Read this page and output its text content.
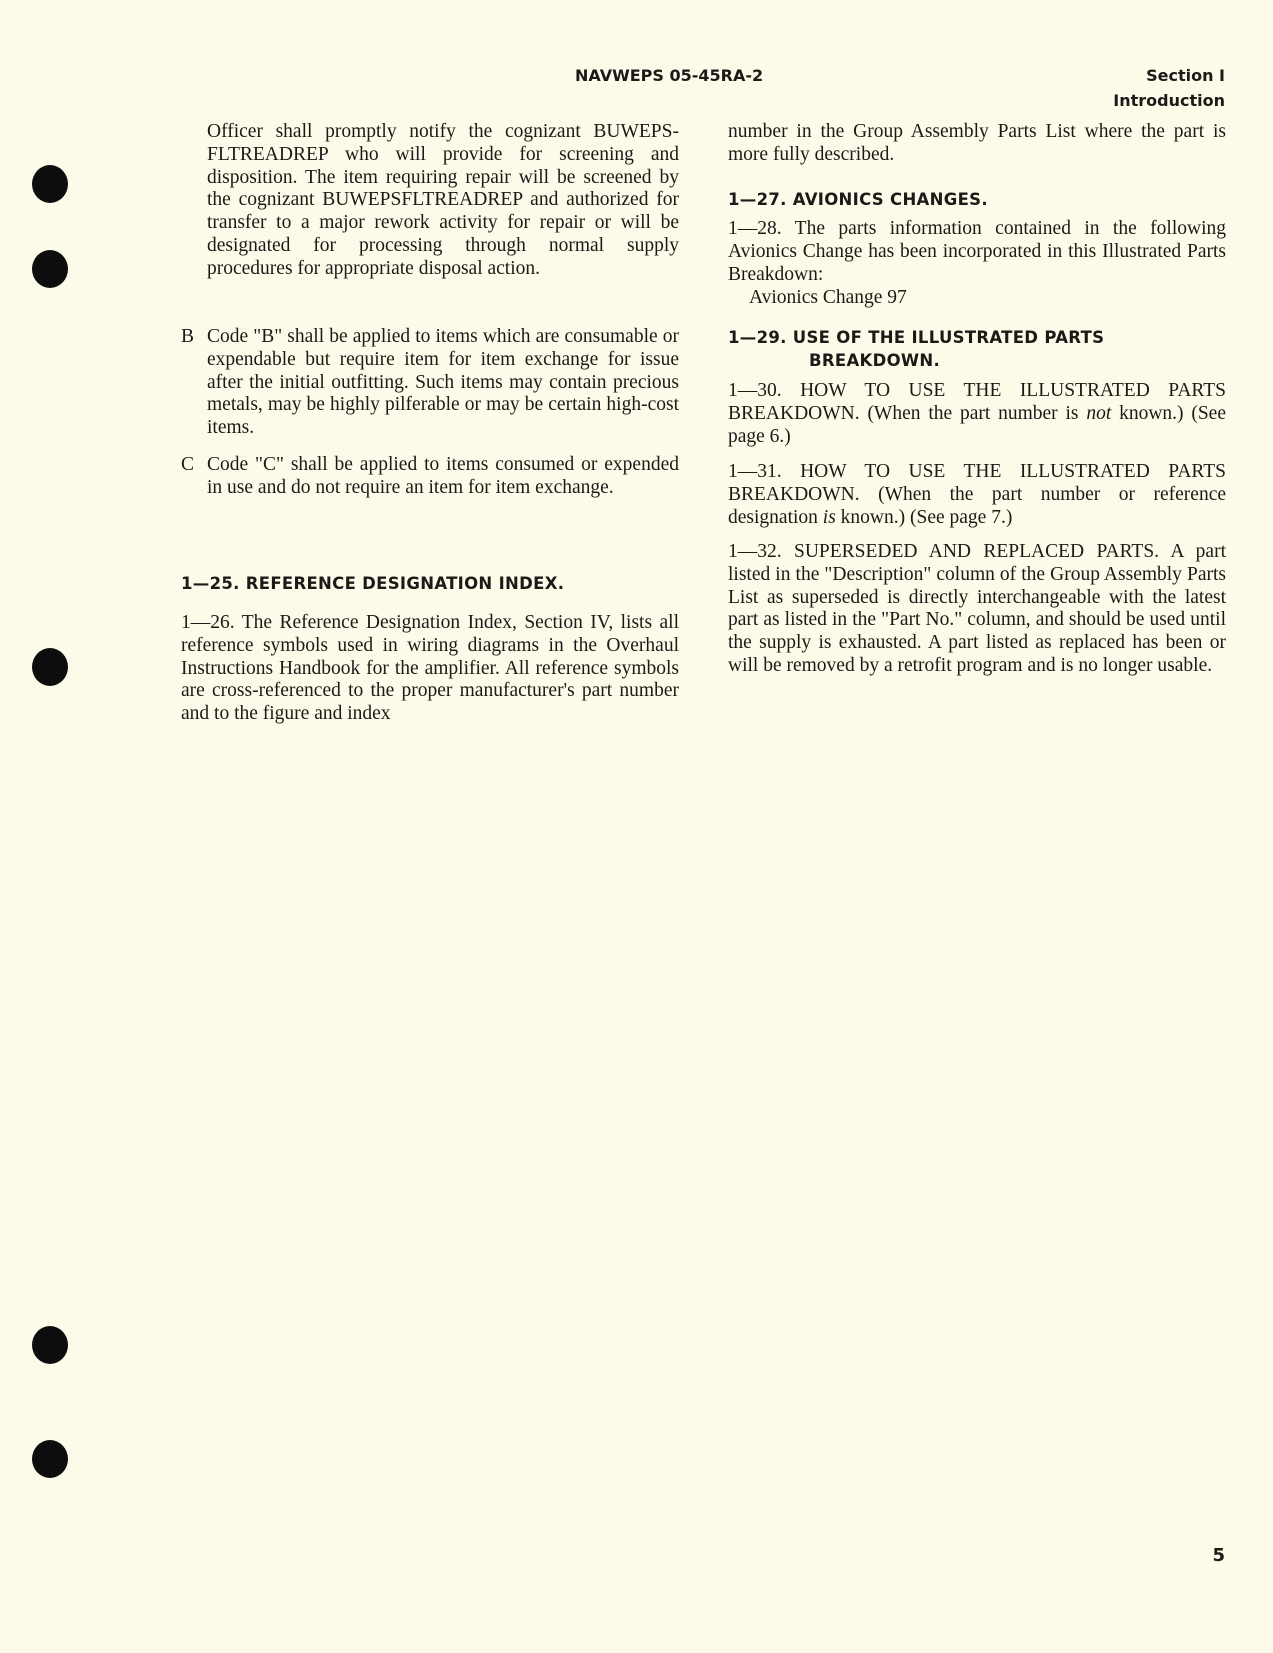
NAVWEPS 05-45RA-2	Section I
Introduction

Officer shall promptly notify the cognizant BUWEPS-FLTREADREP who will provide for screening and disposition. The item requiring repair will be screened by the cognizant BUWEPSFLTREADREP and authorized for transfer to a major rework activity for repair or will be designated for processing through normal supply procedures for appropriate disposal action.

B Code "B" shall be applied to items which are consumable or expendable but require item for item exchange for issue after the initial outfitting. Such items may contain precious metals, may be highly pilferable or may be certain high-cost items.
C Code "C" shall be applied to items consumed or expended in use and do not require an item for item exchange.
1—25. REFERENCE DESIGNATION INDEX.

1—26. The Reference Designation Index, Section IV, lists all reference symbols used in wiring diagrams in the Overhaul Instructions Handbook for the amplifier. All reference symbols are cross-referenced to the proper manufacturer's part number and to the figure and index

number in the Group Assembly Parts List where the part is more fully described.

1—27. AVIONICS CHANGES.

1—28. The parts information contained in the following Avionics Change has been incorporated in this Illustrated Parts Breakdown:

Avionics Change 97
1—29. USE OF THE ILLUSTRATED PARTS
BREAKDOWN.

1—30. HOW TO USE THE ILLUSTRATED PARTS BREAKDOWN. (When the part number is not known.) (See page 6.)

1—31. HOW TO USE THE ILLUSTRATED PARTS BREAKDOWN. (When the part number or reference designation is known.) (See page 7.)

1—32. SUPERSEDED AND REPLACED PARTS. A part listed in the "Description" column of the Group Assembly Parts List as superseded is directly interchangeable with the latest part as listed in the "Part No." column, and should be used until the supply is exhausted. A part listed as replaced has been or will be removed by a retrofit program and is no longer usable.

5
